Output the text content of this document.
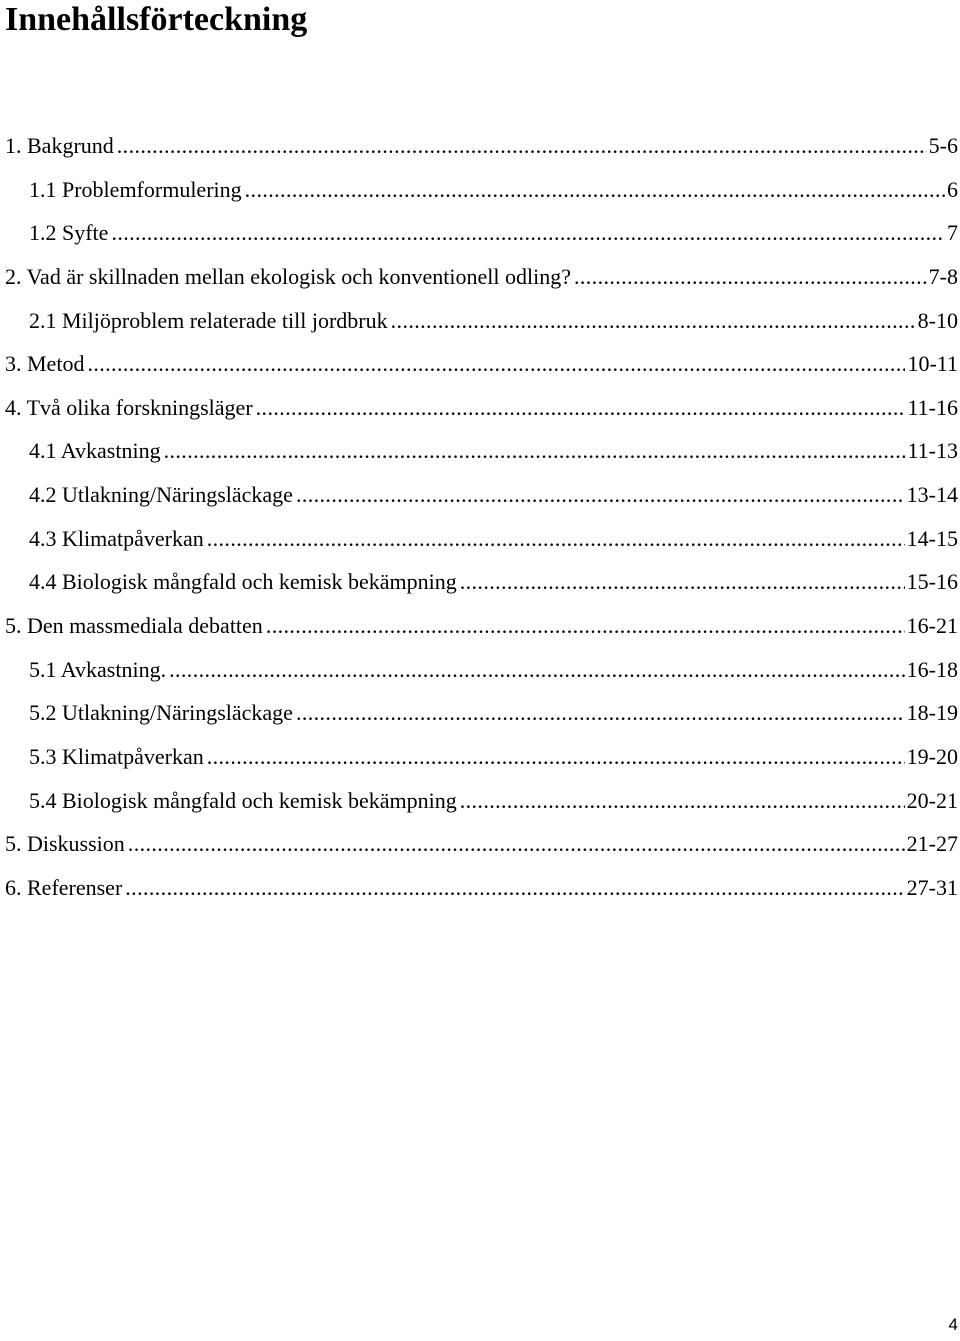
Innehållsförteckning
1. Bakgrund .....	5-6
1.1 Problemformulering .....	6
1.2 Syfte .....	7
2. Vad är skillnaden mellan ekologisk och konventionell odling? .....	7-8
2.1 Miljöproblem relaterade till jordbruk .....	8-10
3. Metod .....	10-11
4. Två olika forskningsläger .....	11-16
4.1 Avkastning .....	11-13
4.2 Utlakning/Näringsläckage .....	13-14
4.3 Klimatpåverkan .....	14-15
4.4 Biologisk mångfald och kemisk bekämpning .....	15-16
5. Den massmediala debatten .....	16-21
5.1 Avkastning. .....	16-18
5.2 Utlakning/Näringsläckage .....	18-19
5.3 Klimatpåverkan .....	19-20
5.4 Biologisk mångfald och kemisk bekämpning .....	20-21
5. Diskussion .....	21-27
6. Referenser .....	27-31
4
